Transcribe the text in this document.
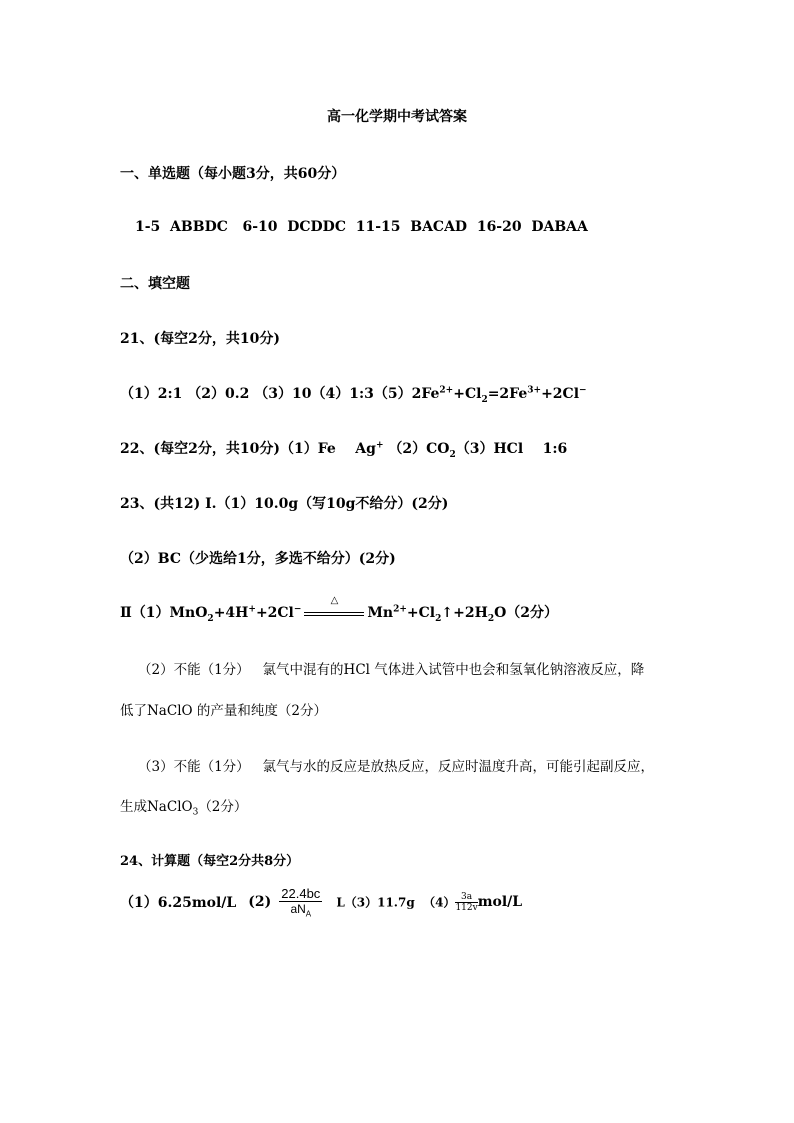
高一化学期中考试答案
一、单选题（每小题3分，共60分）
1-5  ABBDC   6-10  DCDDC  11-15  BACAD  16-20  DABAA
二、填空题
21、(每空2分，共10分)
（1）2:1 （2）0.2 $(3)10(4)1:3(5)2Fe^{2+}+Cl_2=2Fe^{3+}+2Cl^-$
22、(每空2分，共10分)（1）Fe    Ag+ $(2)CO_2(3)HCl$    1:6
23、(共12) Ⅰ.（1）10.0g（写10g不给分）(2分)
（2）BC（少选给1分，多选不给分）(2分)
Ⅱ（1）MnO$_2$+4H++2Cl−
△
$Mn^{2+}+Cl_2↑+2H_2O(2$分）
（2）不能（1分）   氯气中混有的HCl 气体进入试管中也会和氢氧化钠溶液反应，降
低了NaClO 的产量和纯度（2分）
（3）不能（1分）   氯气与水的反应是放热反应，反应时温度升高，可能引起副反应，
生成NaClO$_3$（2分）
24、计算题（每空2分共8分）
（1）6.25mol/L $(2) \frac{22.4bc}{aN_A} L(3)11.7g$  $(4) \frac{3a}{112v} mol/L$
